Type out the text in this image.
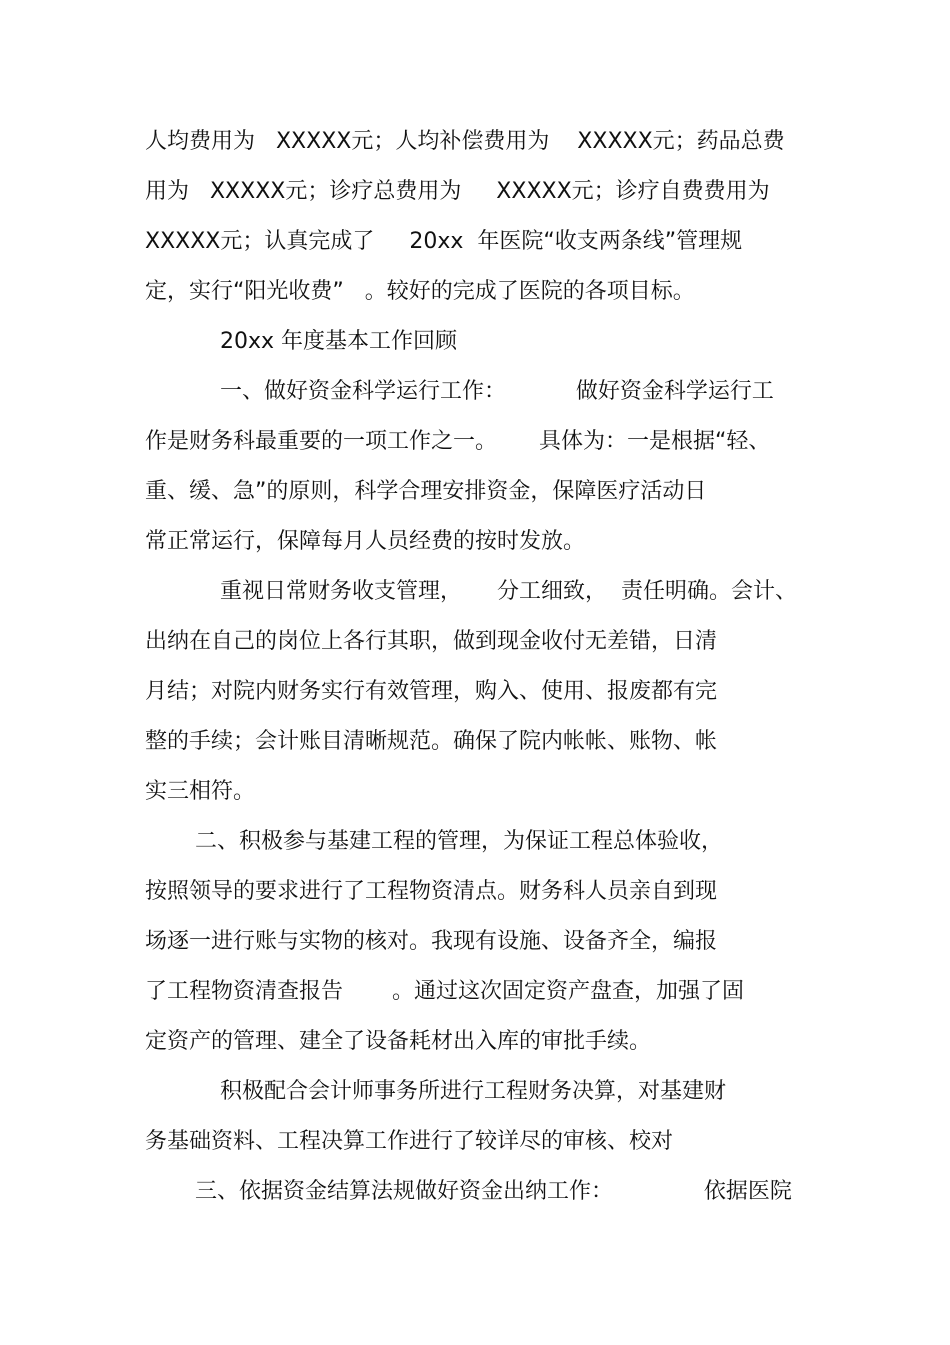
人均费用为   XXXXX元；人均补偿费用为    XXXXX元；药品总费
用为   XXXXX元；诊疗总费用为     XXXXX元；诊疗自费费用为
XXXXX元；认真完成了     20xx  年医院“收支两条线”管理规
定，实行“阳光收费”   。较好的完成了医院的各项目标。
20xx 年度基本工作回顾
一、做好资金科学运行工作：          做好资金科学运行工
作是财务科最重要的一项工作之一。      具体为：一是根据“轻、
重、缓、急”的原则，科学合理安排资金，保障医疗活动日
常正常运行，保障每月人员经费的按时发放。
重视日常财务收支管理，     分工细致，  责任明确。会计、
出纳在自己的岗位上各行其职，做到现金收付无差错，日清
月结；对院内财务实行有效管理，购入、使用、报废都有完
整的手续；会计账目清晰规范。确保了院内帐帐、账物、帐
实三相符。
二、积极参与基建工程的管理，为保证工程总体验收，
按照领导的要求进行了工程物资清点。财务科人员亲自到现
场逐一进行账与实物的核对。我现有设施、设备齐全，编报
了工程物资清查报告       。通过这次固定资产盘查，加强了固
定资产的管理、建全了设备耗材出入库的审批手续。
积极配合会计师事务所进行工程财务决算，对基建财
务基础资料、工程决算工作进行了较详尽的审核、校对
三、依据资金结算法规做好资金出纳工作：             依据医院
